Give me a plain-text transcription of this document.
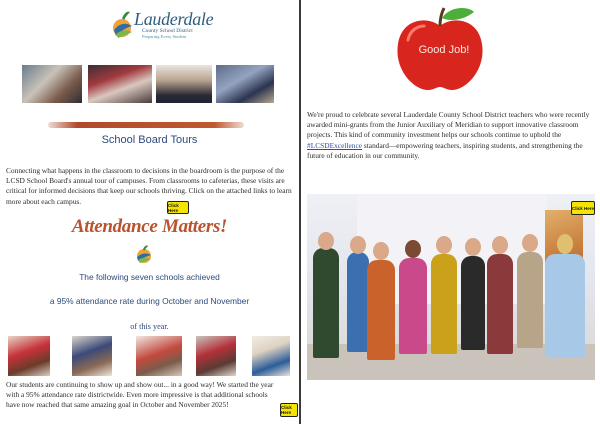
Lauderdale
County School District
Preparing Every Student
School Board Tours
Connecting what happens in the classroom to decisions in the boardroom is the purpose of the LCSD School Board's annual tour of campuses. From classrooms to cafeterias, these visits are critical for informed decisions that keep our schools thriving. Click on the attached links to learn more about each campus.	Click Here
Attendance Matters!
The following seven schools achieved
a 95% attendance rate during October and November
of this year.
Our students are continuing to show up and show out... in a good way! We started the year with a 95% attendance rate districtwide. Even more impressive is that additional schools have now reached that same amazing goal in October and November 2025!	Click Here
Good Job!
We're proud to celebrate several Lauderdale County School District teachers who were recently awarded mini-grants from the Junior Auxiliary of Meridian to support innovative classroom projects. This kind of community investment helps our schools continue to uphold the #LCSDExcellence standard—empowering teachers, inspiring students, and strengthening the future of education in our community.
Click Here
